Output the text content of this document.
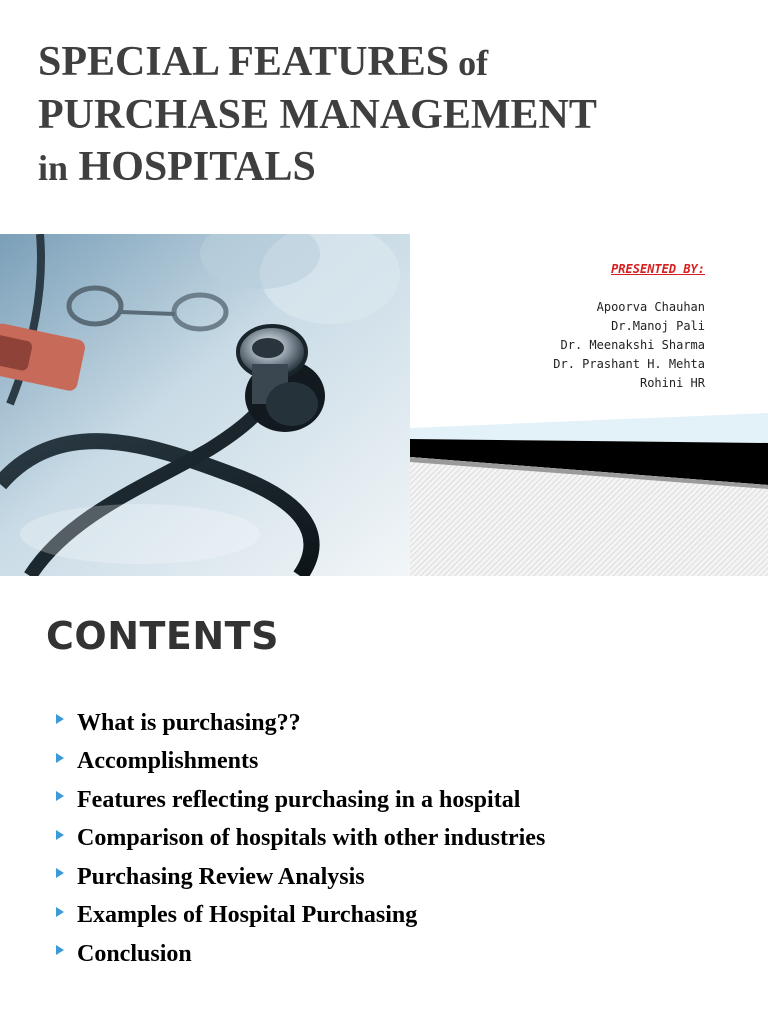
SPECIAL FEATURES of
PURCHASE MANAGEMENT
in HOSPITALS
PRESENTED BY:
Apoorva Chauhan
Dr.Manoj Pali
Dr. Meenakshi Sharma
Dr. Prashant H. Mehta
Rohini HR
CONTENTS
What is purchasing??
Accomplishments
Features reflecting purchasing in a hospital
Comparison of hospitals with other industries
Purchasing Review Analysis
Examples of Hospital Purchasing
Conclusion
